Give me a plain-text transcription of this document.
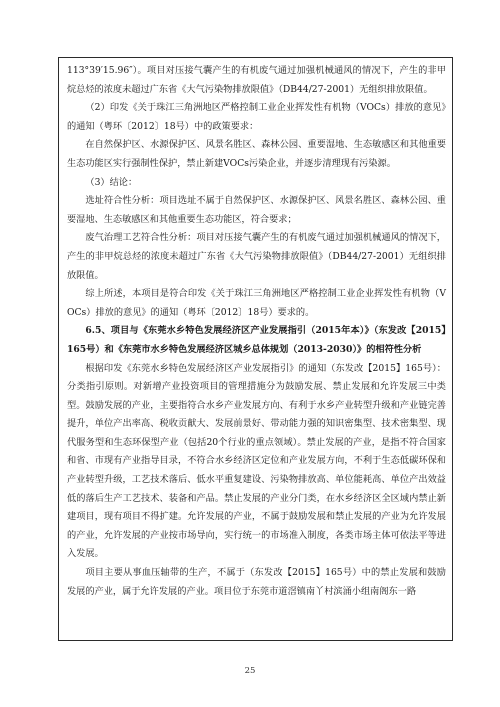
113°39′15.96″）。项目对压接气囊产生的有机废气通过加强机械通风的情况下，产生的非甲烷总烃的浓度未超过广东省《大气污染物排放限值》（DB44/27-2001）无组织排放限值。

（2）印发《关于珠江三角洲地区严格控制工业企业挥发性有机物（VOCs）排放的意见》的通知（粤环〔2012〕18号）中的政策要求：

在自然保护区、水源保护区、风景名胜区、森林公园、重要湿地、生态敏感区和其他重要生态功能区实行强制性保护，禁止新建VOCs污染企业，并逐步清理现有污染源。

（3）结论：

选址符合性分析：项目选址不属于自然保护区、水源保护区、风景名胜区、森林公园、重要湿地、生态敏感区和其他重要生态功能区，符合要求；

废气治理工艺符合性分析：项目对压接气囊产生的有机废气通过加强机械通风的情况下，产生的非甲烷总烃的浓度未超过广东省《大气污染物排放限值》（DB44/27-2001）无组织排放限值。

综上所述，本项目是符合印发《关于珠江三角洲地区严格控制工业企业挥发性有机物（VOCs）排放的意见》的通知（粤环〔2012〕18号）要求的。

6.5、项目与《东莞水乡特色发展经济区产业发展指引（2015年本）》（东发改【2015】165号）和《东莞市水乡特色发展经济区城乡总体规划（2013-2030）》的相符性分析

根据印发《东莞水乡特色发展经济区产业发展指引》的通知（东发改【2015】165号）：分类指引原则。对新增产业投资项目的管理措施分为鼓励发展、禁止发展和允许发展三中类型。鼓励发展的产业，主要指符合水乡产业发展方向、有利于水乡产业转型升级和产业链完善提升，单位产出率高、税收贡献大、发展前景好、带动能力强的知识密集型、技术密集型、现代服务型和生态环保型产业（包括20个行业的重点领域）。禁止发展的产业，是指不符合国家和省、市现有产业指导目录，不符合水乡经济区定位和产业发展方向，不利于生态低碳环保和产业转型升级，工艺技术落后、低水平重复建设、污染物排放高、单位能耗高、单位产出效益低的落后生产工艺技术、装备和产品。禁止发展的产业分门类，在水乡经济区全区域内禁止新建项目，现有项目不得扩建。允许发展的产业，不属于鼓励发展和禁止发展的产业为允许发展的产业，允许发展的产业按市场导向，实行统一的市场准入制度，各类市场主体可依法平等进入发展。

项目主要从事血压轴带的生产，不属于（东发改【2015】165号）中的禁止发展和鼓励发展的产业，属于允许发展的产业。项目位于东莞市道滘镇南丫村滨涌小组南阁东一路

25
